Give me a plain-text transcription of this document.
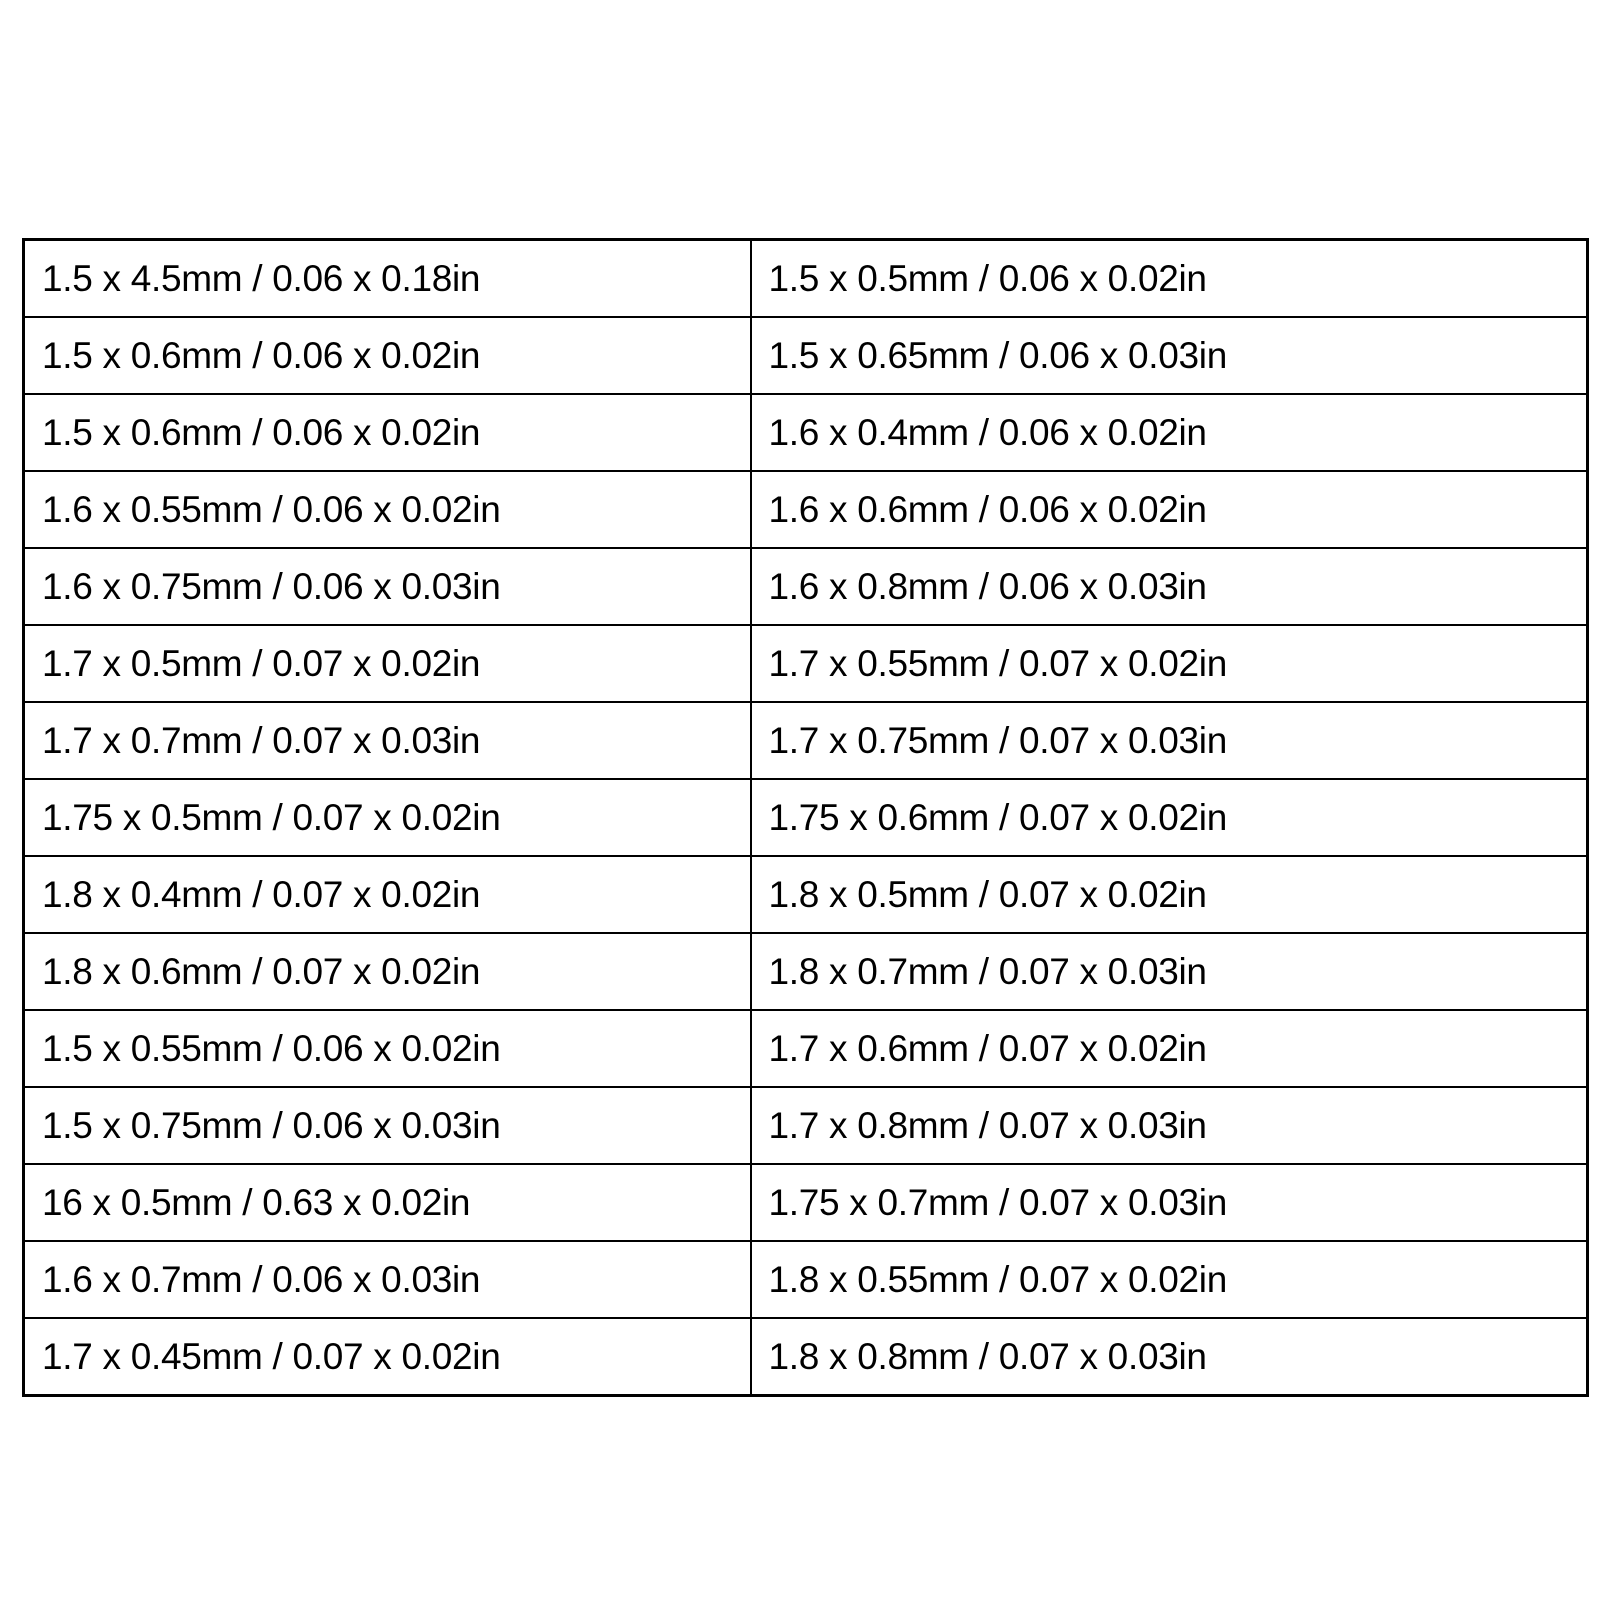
1.5 x 4.5mm / 0.06 x 0.18in	1.5 x 0.5mm / 0.06 x 0.02in
1.5 x 0.6mm / 0.06 x 0.02in	1.5 x 0.65mm / 0.06 x 0.03in
1.5 x 0.6mm / 0.06 x 0.02in	1.6 x 0.4mm / 0.06 x 0.02in
1.6 x 0.55mm / 0.06 x 0.02in	1.6 x 0.6mm / 0.06 x 0.02in
1.6 x 0.75mm / 0.06 x 0.03in	1.6 x 0.8mm / 0.06 x 0.03in
1.7 x 0.5mm / 0.07 x 0.02in	1.7 x 0.55mm / 0.07 x 0.02in
1.7 x 0.7mm / 0.07 x 0.03in	1.7 x 0.75mm / 0.07 x 0.03in
1.75 x 0.5mm / 0.07 x 0.02in	1.75 x 0.6mm / 0.07 x 0.02in
1.8 x 0.4mm / 0.07 x 0.02in	1.8 x 0.5mm / 0.07 x 0.02in
1.8 x 0.6mm / 0.07 x 0.02in	1.8 x 0.7mm / 0.07 x 0.03in
1.5 x 0.55mm / 0.06 x 0.02in	1.7 x 0.6mm / 0.07 x 0.02in
1.5 x 0.75mm / 0.06 x 0.03in	1.7 x 0.8mm / 0.07 x 0.03in
16 x 0.5mm / 0.63 x 0.02in	1.75 x 0.7mm / 0.07 x 0.03in
1.6 x 0.7mm / 0.06 x 0.03in	1.8 x 0.55mm / 0.07 x 0.02in
1.7 x 0.45mm / 0.07 x 0.02in	1.8 x 0.8mm / 0.07 x 0.03in
